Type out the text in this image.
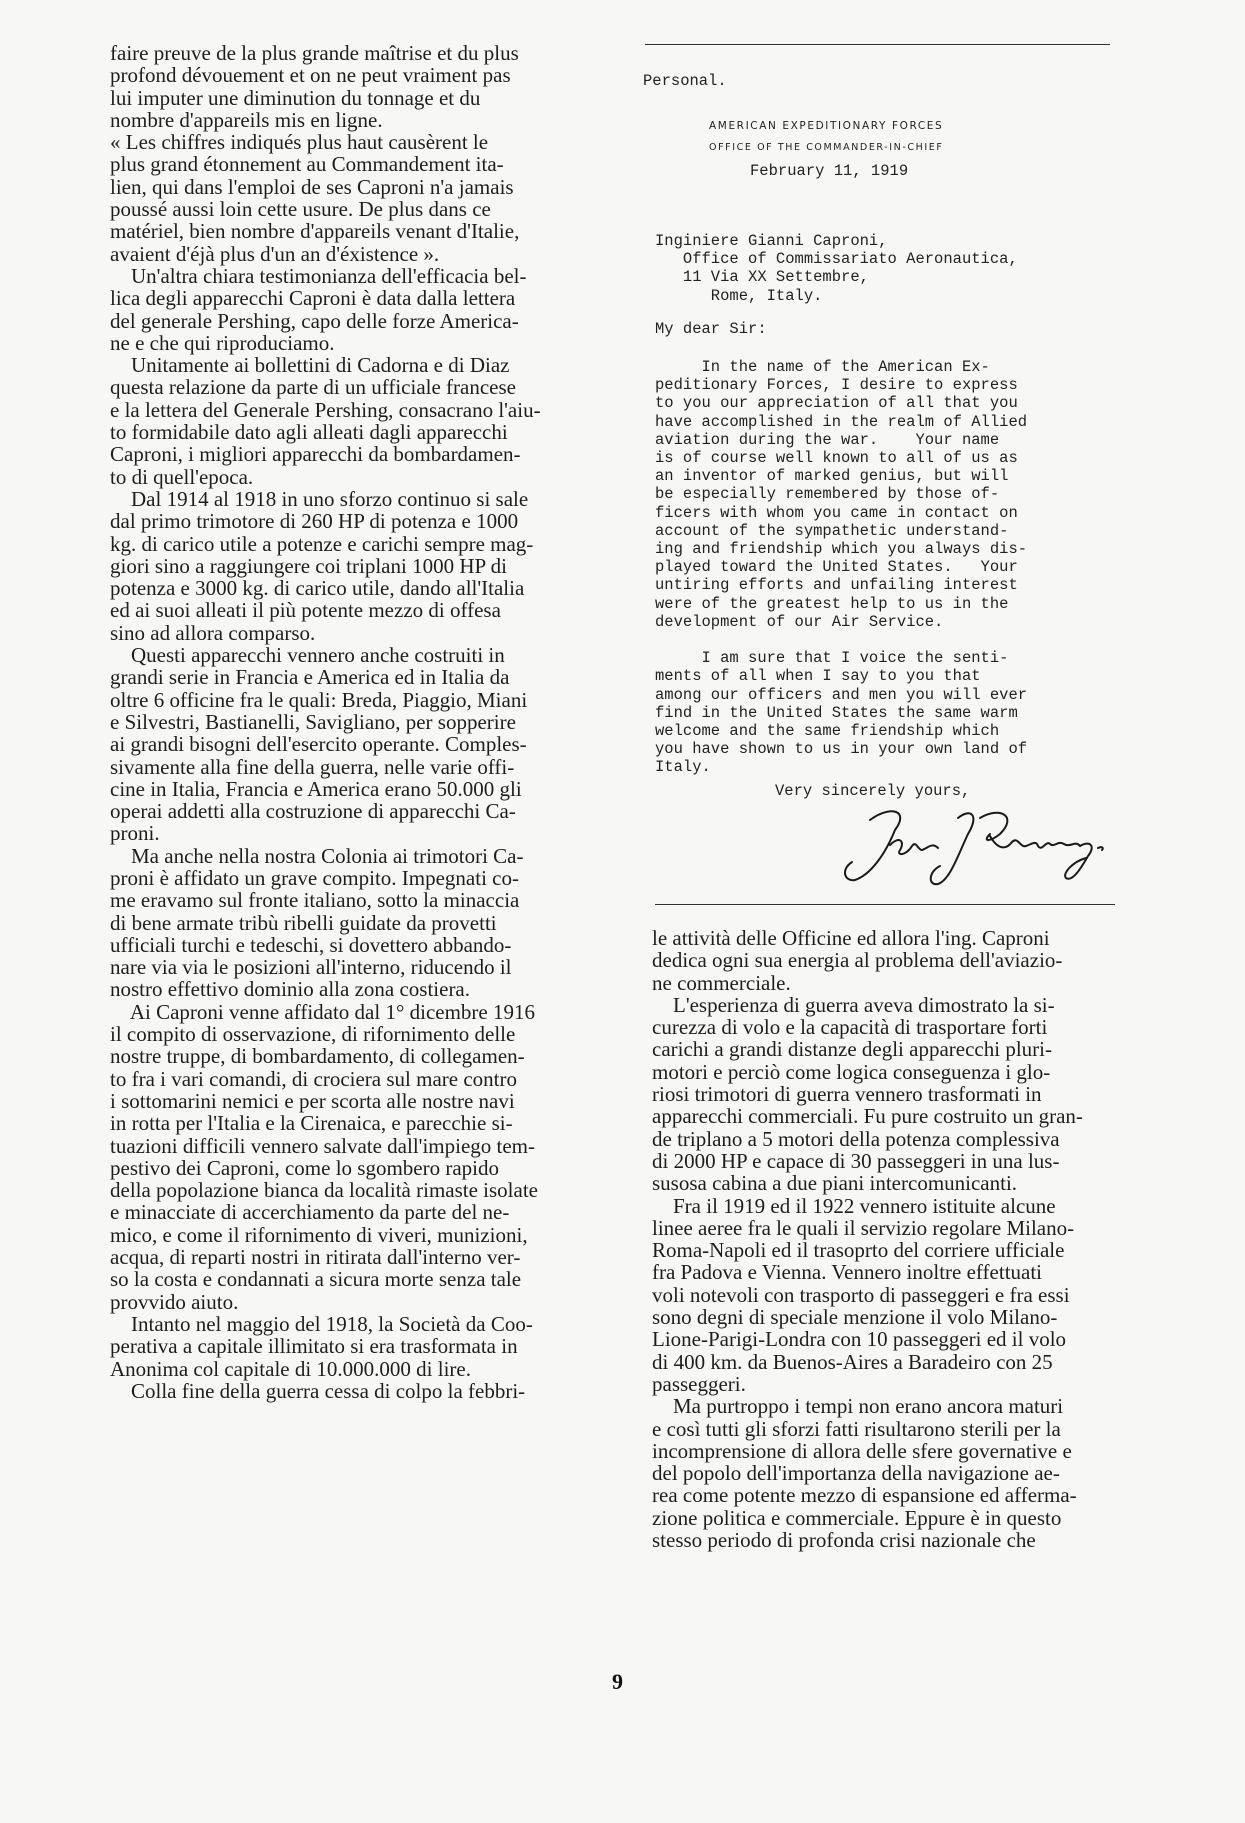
faire preuve de la plus grande maîtrise et du plus

profond dévouement et on ne peut vraiment pas

lui imputer une diminution du tonnage et du

nombre d'appareils mis en ligne.

« Les chiffres indiqués plus haut causèrent le

plus grand étonnement au Commandement ita-

lien, qui dans l'emploi de ses Caproni n'a jamais

poussé aussi loin cette usure. De plus dans ce

matériel, bien nombre d'appareils venant d'Italie,

avaient d'éjà plus d'un an d'éxistence ».

Un'altra chiara testimonianza dell'efficacia bel-

lica degli apparecchi Caproni è data dalla lettera

del generale Pershing, capo delle forze America-

ne e che qui riproduciamo.

Unitamente ai bollettini di Cadorna e di Diaz

questa relazione da parte di un ufficiale francese

e la lettera del Generale Pershing, consacrano l'aiu-

to formidabile dato agli alleati dagli apparecchi

Caproni, i migliori apparecchi da bombardamen-

to di quell'epoca.

Dal 1914 al 1918 in uno sforzo continuo si sale

dal primo trimotore di 260 HP di potenza e 1000

kg. di carico utile a potenze e carichi sempre mag-

giori sino a raggiungere coi triplani 1000 HP di

potenza e 3000 kg. di carico utile, dando all'Italia

ed ai suoi alleati il più potente mezzo di offesa

sino ad allora comparso.

Questi apparecchi vennero anche costruiti in

grandi serie in Francia e America ed in Italia da

oltre 6 officine fra le quali: Breda, Piaggio, Miani

e Silvestri, Bastianelli, Savigliano, per sopperire

ai grandi bisogni dell'esercito operante. Comples-

sivamente alla fine della guerra, nelle varie offi-

cine in Italia, Francia e America erano 50.000 gli

operai addetti alla costruzione di apparecchi Ca-

proni.

Ma anche nella nostra Colonia ai trimotori Ca-

proni è affidato un grave compito. Impegnati co-

me eravamo sul fronte italiano, sotto la minaccia

di bene armate tribù ribelli guidate da provetti

ufficiali turchi e tedeschi, si dovettero abbando-

nare via via le posizioni all'interno, riducendo il

nostro effettivo dominio alla zona costiera.

Ai Caproni venne affidato dal 1° dicembre 1916

il compito di osservazione, di rifornimento delle

nostre truppe, di bombardamento, di collegamen-

to fra i vari comandi, di crociera sul mare contro

i sottomarini nemici e per scorta alle nostre navi

in rotta per l'Italia e la Cirenaica, e parecchie si-

tuazioni difficili vennero salvate dall'impiego tem-

pestivo dei Caproni, come lo sgombero rapido

della popolazione bianca da località rimaste isolate

e minacciate di accerchiamento da parte del ne-

mico, e come il rifornimento di viveri, munizioni,

acqua, di reparti nostri in ritirata dall'interno ver-

so la costa e condannati a sicura morte senza tale

provvido aiuto.

Intanto nel maggio del 1918, la Società da Coo-

perativa a capitale illimitato si era trasformata in

Anonima col capitale di 10.000.000 di lire.

Colla fine della guerra cessa di colpo la febbri-

Personal.
AMERICAN EXPEDITIONARY FORCES
OFFICE OF THE COMMANDER-IN-CHIEF
February 11, 1919
Inginiere Gianni Caproni,
Office of Commissariato Aeronautica,
11 Via XX Settembre,
Rome, Italy.
My dear Sir:
In the name of the American Ex-
peditionary Forces, I desire to express
to you our appreciation of all that you
have accomplished in the realm of Allied
aviation during the war.    Your name
is of course well known to all of us as
an inventor of marked genius, but will
be especially remembered by those of-
ficers with whom you came in contact on
account of the sympathetic understand-
ing and friendship which you always dis-
played toward the United States.   Your
untiring efforts and unfailing interest
were of the greatest help to us in the
development of our Air Service.
I am sure that I voice the senti-
ments of all when I say to you that
among our officers and men you will ever
find in the United States the same warm
welcome and the same friendship which
you have shown to us in your own land of
Italy.
Very sincerely yours,

le attività delle Officine ed allora l'ing. Caproni

dedica ogni sua energia al problema dell'aviazio-

ne commerciale.

L'esperienza di guerra aveva dimostrato la si-

curezza di volo e la capacità di trasportare forti

carichi a grandi distanze degli apparecchi pluri-

motori e perciò come logica conseguenza i glo-

riosi trimotori di guerra vennero trasformati in

apparecchi commerciali. Fu pure costruito un gran-

de triplano a 5 motori della potenza complessiva

di 2000 HP e capace di 30 passeggeri in una lus-

susosa cabina a due piani intercomunicanti.

Fra il 1919 ed il 1922 vennero istituite alcune

linee aeree fra le quali il servizio regolare Milano-

Roma-Napoli ed il trasoprto del corriere ufficiale

fra Padova e Vienna. Vennero inoltre effettuati

voli notevoli con trasporto di passeggeri e fra essi

sono degni di speciale menzione il volo Milano-

Lione-Parigi-Londra con 10 passeggeri ed il volo

di 400 km. da Buenos-Aires a Baradeiro con 25

passeggeri.

Ma purtroppo i tempi non erano ancora maturi

e così tutti gli sforzi fatti risultarono sterili per la

incomprensione di allora delle sfere governative e

del popolo dell'importanza della navigazione ae-

rea come potente mezzo di espansione ed afferma-

zione politica e commerciale. Eppure è in questo

stesso periodo di profonda crisi nazionale che

9
